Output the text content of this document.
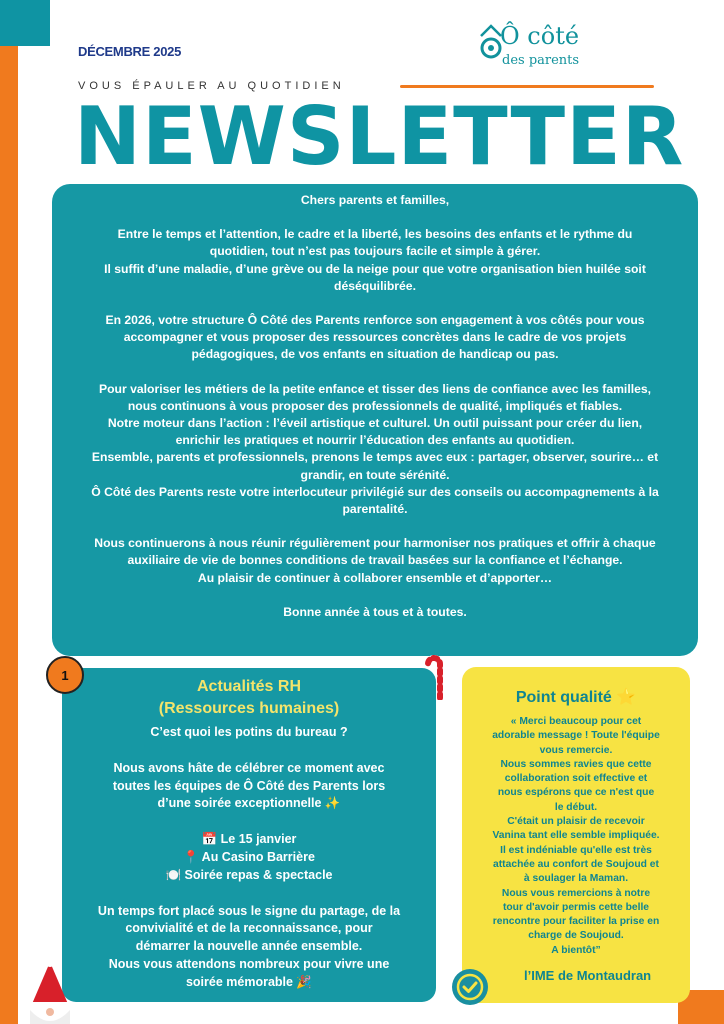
DÉCEMBRE 2025
VOUS ÉPAULER AU QUOTIDIEN
Ô côté
des parents
NEWSLETTER

Chers parents et familles,

Entre le temps et l’attention, le cadre et la liberté, les besoins des enfants et le rythme du

quotidien, tout n’est pas toujours facile et simple à gérer.

Il suffit d’une maladie, d’une grève ou de la neige pour que votre organisation bien huilée soit

déséquilibrée.

En 2026, votre structure Ô Côté des Parents renforce son engagement à vos côtés pour vous

accompagner et vous proposer des ressources concrètes dans le cadre de vos projets

pédagogiques, de vos enfants en situation de handicap ou pas.

Pour valoriser les métiers de la petite enfance et tisser des liens de confiance avec les familles,

nous continuons à vous proposer des professionnels de qualité, impliqués et fiables.

Notre moteur dans l’action : l’éveil artistique et culturel. Un outil puissant pour créer du lien,

enrichir les pratiques et nourrir l’éducation des enfants au quotidien.

Ensemble, parents et professionnels, prenons le temps avec eux : partager, observer, sourire… et

grandir, en toute sérénité.

Ô Côté des Parents reste votre interlocuteur privilégié sur des conseils ou accompagnements à la

parentalité.

Nous continuerons à nous réunir régulièrement pour harmoniser nos pratiques et offrir à chaque

auxiliaire de vie de bonnes conditions de travail basées sur la confiance et l’échange.

Au plaisir de continuer à collaborer ensemble et d’apporter…

Bonne année à tous et à toutes.

Actualités RH
(Ressources humaines)
C’est quoi les potins du bureau ?
Nous avons hâte de célébrer ce moment avec
toutes les équipes de Ô Côté des Parents lors
d’une soirée exceptionnelle ✨
📅 Le 15 janvier
📍 Au Casino Barrière
🍽️ Soirée repas & spectacle
Un temps fort placé sous le signe du partage, de la
convivialité et de la reconnaissance, pour
démarrer la nouvelle année ensemble.
Nous vous attendons nombreux pour vivre une
soirée mémorable 🎉
1
Point qualité ⭐
« Merci beaucoup pour cet
adorable message ! Toute l'équipe
vous remercie.
Nous sommes ravies que cette
collaboration soit effective et
nous espérons que ce n'est que
le début.
C'était un plaisir de recevoir
Vanina tant elle semble impliquée.
Il est indéniable qu'elle est très
attachée au confort de Soujoud et
à soulager la Maman.
Nous vous remercions à notre
tour d'avoir permis cette belle
rencontre pour faciliter la prise en
charge de Soujoud.
A bientôt”
l’IME de Montaudran
